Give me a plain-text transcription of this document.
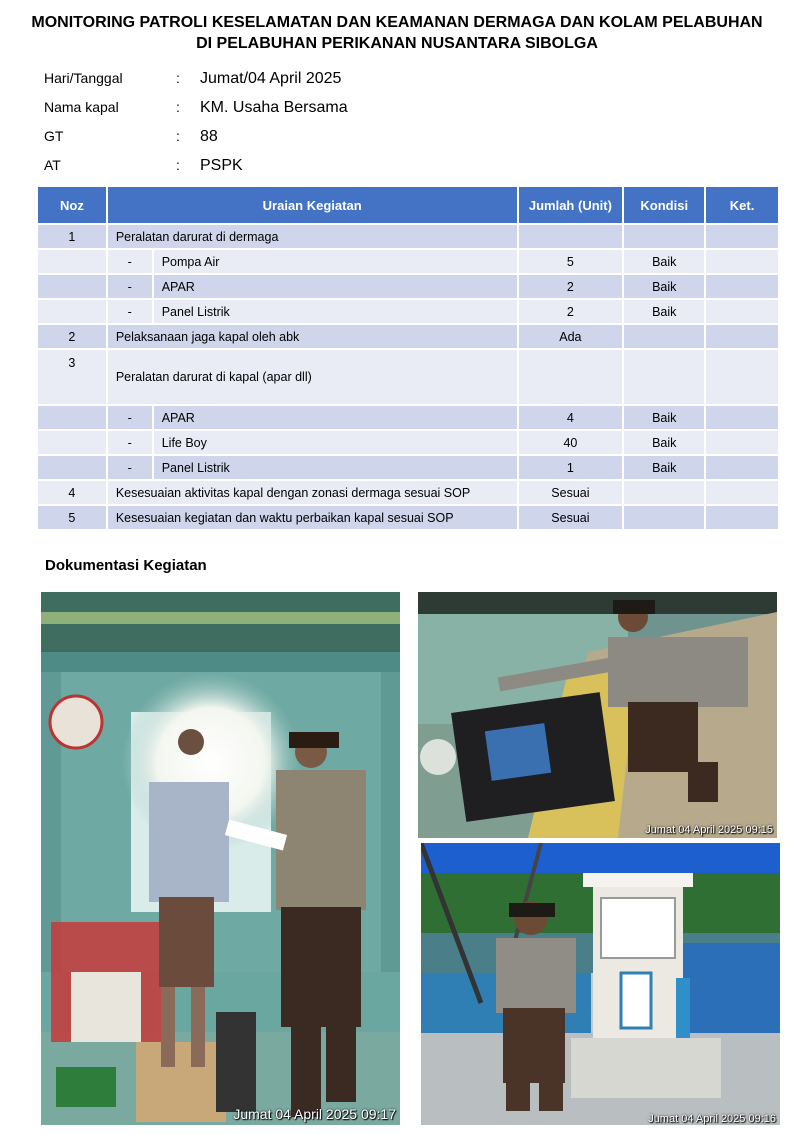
MONITORING PATROLI KESELAMATAN DAN KEAMANAN DERMAGA DAN KOLAM PELABUHAN
DI PELABUHAN PERIKANAN NUSANTARA SIBOLGA
Hari/Tanggal	: Jumat/04 April 2025
Nama kapal	: KM. Usaha Bersama
GT	: 88
AT	: PSPK
Noz	Uraian Kegiatan		Jumlah (Unit)	Kondisi	Ket.
1	Peralatan darurat di dermaga				
	-	Pompa Air	5	Baik	
	-	APAR	2	Baik	
	-	Panel Listrik	2	Baik	
2	Pelaksanaan jaga kapal oleh abk		Ada		
3	Peralatan darurat di kapal (apar dll)				
	-	APAR	4	Baik	
	-	Life Boy	40	Baik	
	-	Panel Listrik	1	Baik	
4	Kesesuaian aktivitas kapal dengan zonasi dermaga sesuai SOP		Sesuai		
5	Kesesuaian kegiatan dan waktu perbaikan kapal sesuai SOP		Sesuai		
Dokumentasi Kegiatan
Jumat 04 April 2025 09:17
Jumat 04 April 2025 09:15
Jumat 04 April 2025 09:16
